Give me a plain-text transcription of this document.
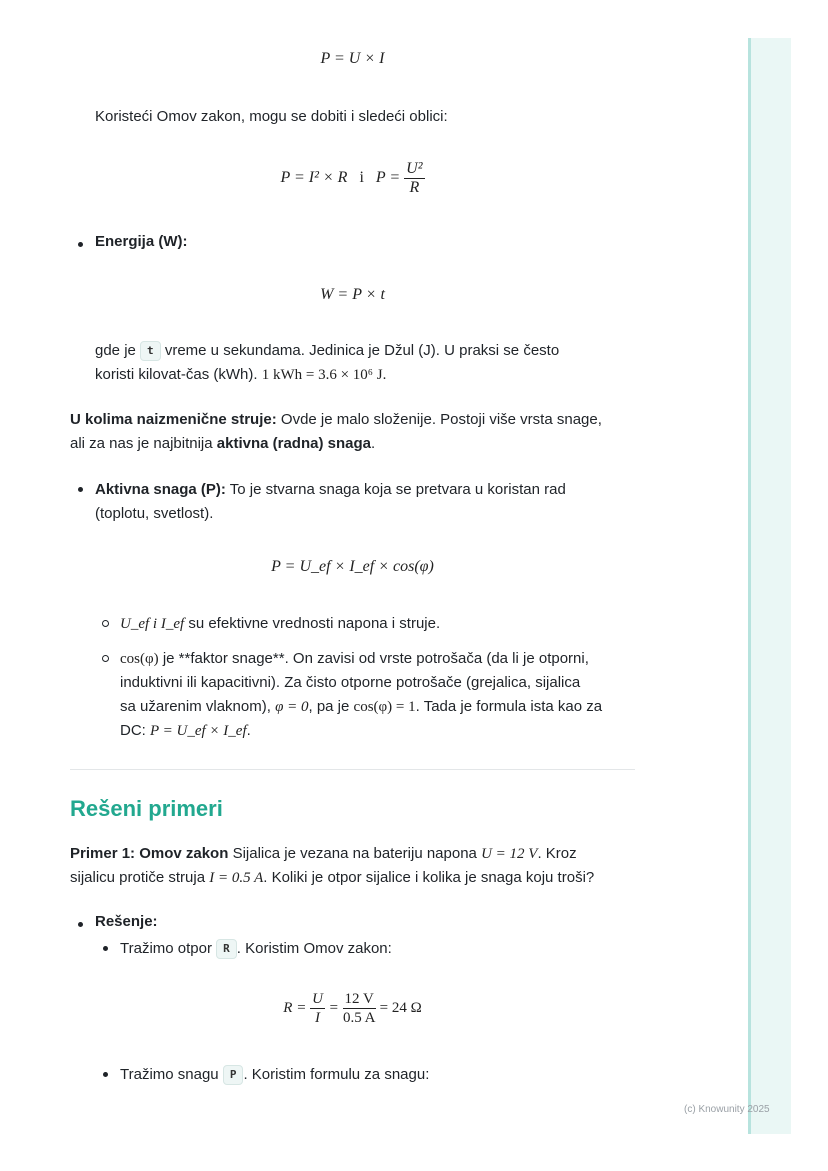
P = U × I
Koristeći Omov zakon, mogu se dobiti i sledeći oblici:
P = I² × R i $P = \frac{\text{U²}}{R}$
Energija (W):
W = P × t
gde je t vreme u sekundama. Jedinica je Džul (J). U praksi se često
koristi kilovat-čas (kWh). 1 kWh = 3.6 × 10⁶ J.
U kolima naizmenične struje: Ovde je malo složenije. Postoji više vrsta snage,
ali za nas je najbitnija aktivna (radna) snaga.
Aktivna snaga (P): To je stvarna snaga koja se pretvara u koristan rad
(toplotu, svetlost).
P = U_ef × I_ef × cos(φ)
U_ef i I_ef su efektivne vrednosti napona i struje.
cos(φ) je **faktor snage**. On zavisi od vrste potrošača (da li je otporni,
induktivni ili kapacitivni). Za čisto otporne potrošače (grejalica, sijalica
sa užarenim vlaknom), φ = 0, pa je cos(φ) = 1. Tada je formula ista kao za
DC: P = U_ef × I_ef.
Rešeni primeri
Primer 1: Omov zakon Sijalica je vezana na bateriju napona U = 12 V. Kroz
sijalicu protiče struja I = 0.5 A. Koliki je otpor sijalice i kolika je snaga koju troši?
Rešenje:
Tražimo otpor R . Koristim Omov zakon:
$R = \frac{U}{I} = \frac{12 V}{0.5 A} = 24$ Ω
Tražimo snagu P . Koristim formulu za snagu:
(c) Knowunity 2025
